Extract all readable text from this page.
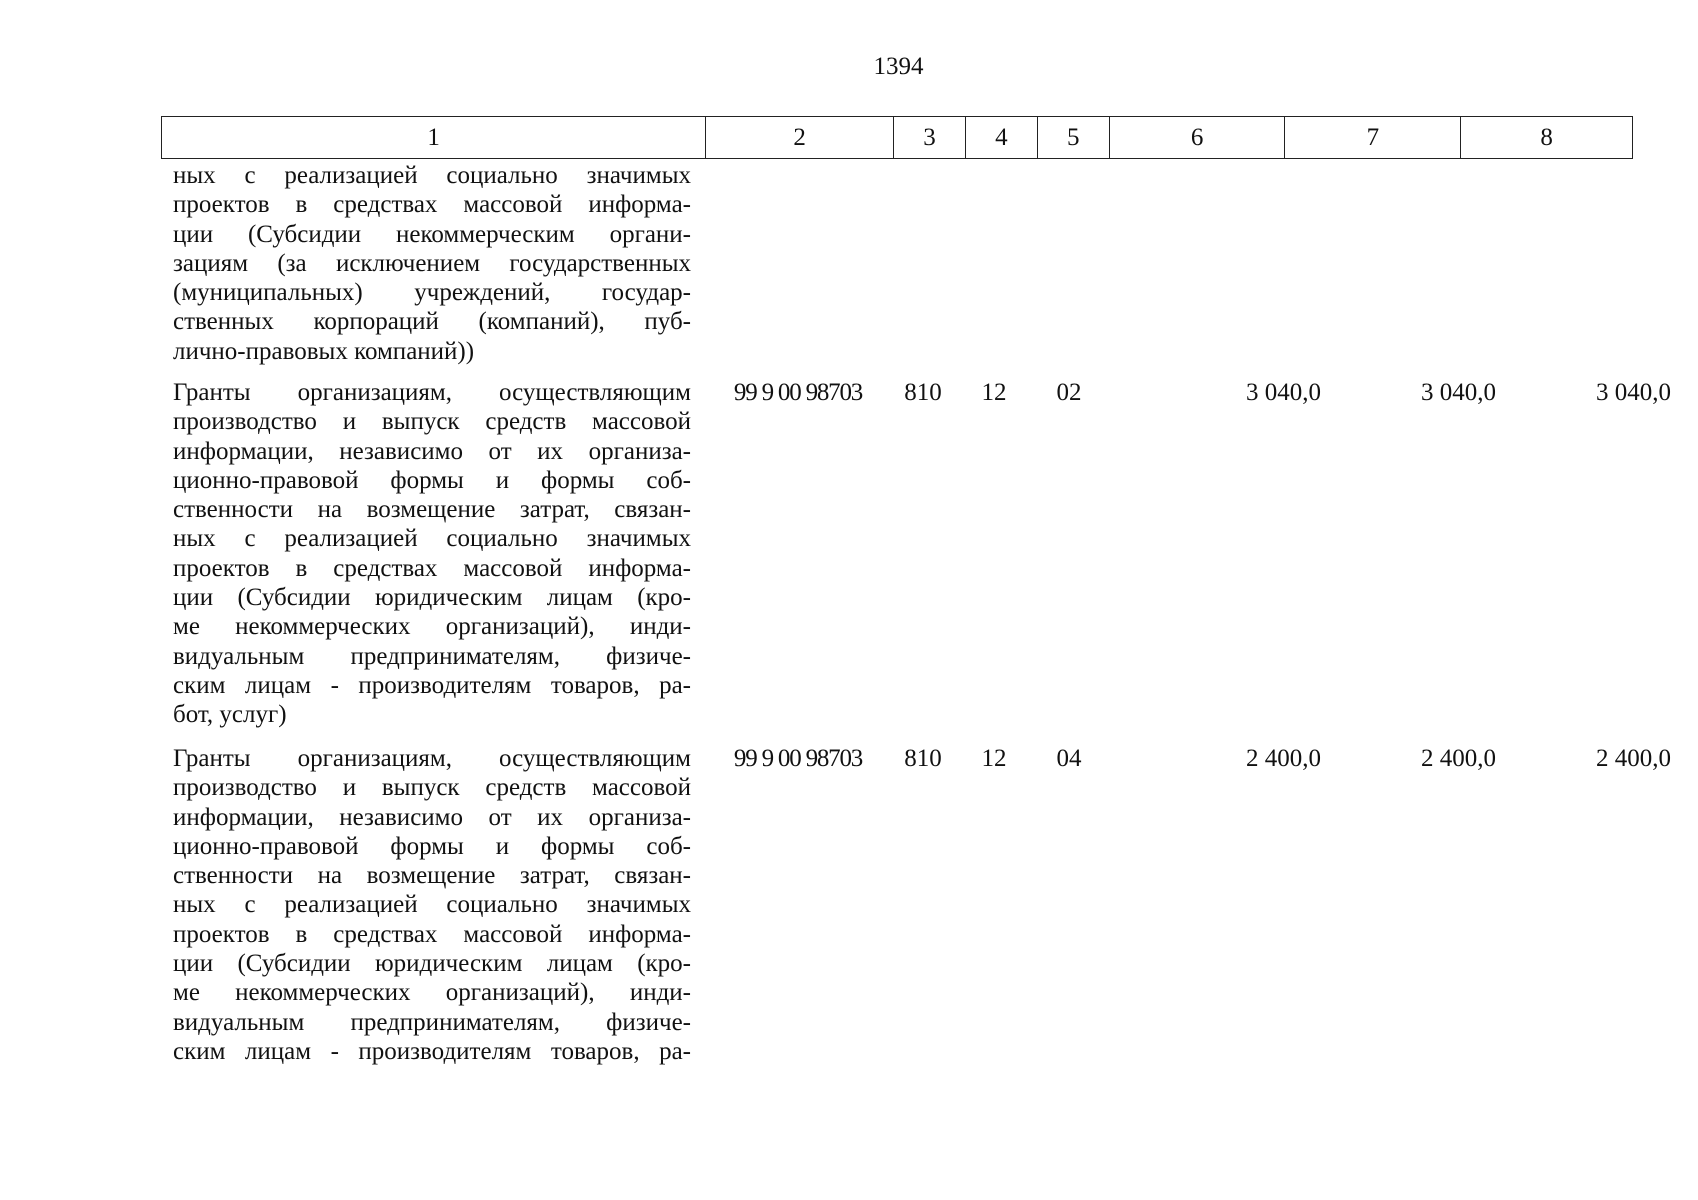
1394
1	2	3	4	5	6	7	8
ных с реализацией социально значимых
проектов в средствах массовой информа-
ции (Субсидии некоммерческим органи-
зациям (за исключением государственных
(муниципальных) учреждений, государ-
ственных корпораций (компаний), пуб-
лично-правовых компаний))
Гранты организациям, осуществляющим
производство и выпуск средств массовой
информации, независимо от их организа-
ционно-правовой формы и формы соб-
ственности на возмещение затрат, связан-
ных с реализацией социально значимых
проектов в средствах массовой информа-
ции (Субсидии юридическим лицам (кро-
ме некоммерческих организаций), инди-
видуальным предпринимателям, физиче-
ским лицам - производителям товаров, ра-
бот, услуг)
99 9 00 98703	810	12	02	3 040,0	3 040,0	3 040,0
Гранты организациям, осуществляющим
производство и выпуск средств массовой
информации, независимо от их организа-
ционно-правовой формы и формы соб-
ственности на возмещение затрат, связан-
ных с реализацией социально значимых
проектов в средствах массовой информа-
ции (Субсидии юридическим лицам (кро-
ме некоммерческих организаций), инди-
видуальным предпринимателям, физиче-
ским лицам - производителям товаров, ра-
99 9 00 98703	810	12	04	2 400,0	2 400,0	2 400,0
